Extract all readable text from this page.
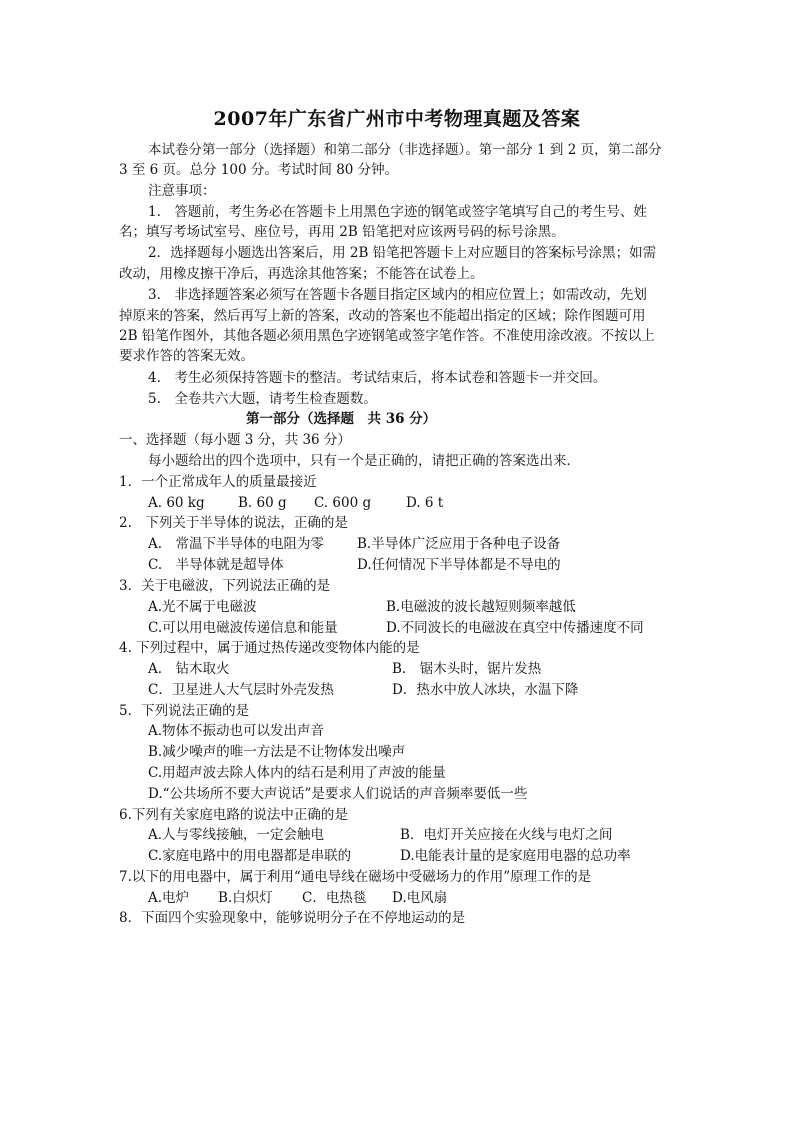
2007年广东省广州市中考物理真题及答案
本试卷分第一部分（选择题）和第二部分（非选择题）。第一部分 1 到 2 页，第二部分
3 至 6 页。总分 100 分。考试时间 80 分钟。
注意事项：
1.　答题前，考生务必在答题卡上用黑色字迹的钢笔或签字笔填写自己的考生号、姓
名；填写考场试室号、座位号，再用 2B 铅笔把对应该两号码的标号涂黑。
2．选择题每小题选出答案后，用 2B 铅笔把答题卡上对应题目的答案标号涂黑；如需
改动，用橡皮擦干净后，再选涂其他答案；不能答在试卷上。
3.　非选择题答案必须写在答题卡各题目指定区域内的相应位置上；如需改动，先划
掉原来的答案，然后再写上新的答案，改动的答案也不能超出指定的区域；除作图题可用
2B 铅笔作图外，其他各题必须用黑色字迹钢笔或签字笔作答。不准使用涂改液。不按以上
要求作答的答案无效。
4.　考生必须保持答题卡的整洁。考试结束后，将本试卷和答题卡一并交回。
5.　全卷共六大题，请考生检查题数。
第一部分（选择题　共 36 分）
一、选择题（每小题 3 分，共 36 分）
每小题给出的四个选项中，只有一个是正确的，请把正确的答案选出来．
1．一个正常成年人的质量最接近
A. 60 kg B. 60 g C. 600 g	D. 6 t
2.　下列关于半导体的说法，正确的是
A.　常温下半导体的电阻为零 B.半导体广泛应用于各种电子设备
C.　半导体就是超导体	D.任何情况下半导体都是不导电的
3．关于电磁波，下列说法正确的是
A.光不属于电磁波	B.电磁波的波长越短则频率越低
C.可以用电磁波传递信息和能量	D.不同波长的电磁波在真空中传播速度不同
4. 下列过程中，属于通过热传递改变物体内能的是
A.　钻木取火	B.　锯木头时，锯片发热
C．卫星进人大气层时外壳发热	D．热水中放人冰块，水温下降
5．下列说法正确的是
A.物体不振动也可以发出声音
B.减少噪声的唯一方法是不让物体发出噪声
C.用超声波去除人体内的结石是利用了声波的能量
D.“公共场所不要大声说话”是要求人们说话的声音频率要低一些
6.下列有关家庭电路的说法中正确的是
A.人与零线接触，一定会触电	B．电灯开关应接在火线与电灯之间
C.家庭电路中的用电器都是串联的	D.电能表计量的是家庭用电器的总功率
7.以下的用电器中，属于利用“通电导线在磁场中受磁场力的作用”原理工作的是
A.电炉 B.白炽灯 C．电热毯 D.电风扇
8．下面四个实验现象中，能够说明分子在不停地运动的是
